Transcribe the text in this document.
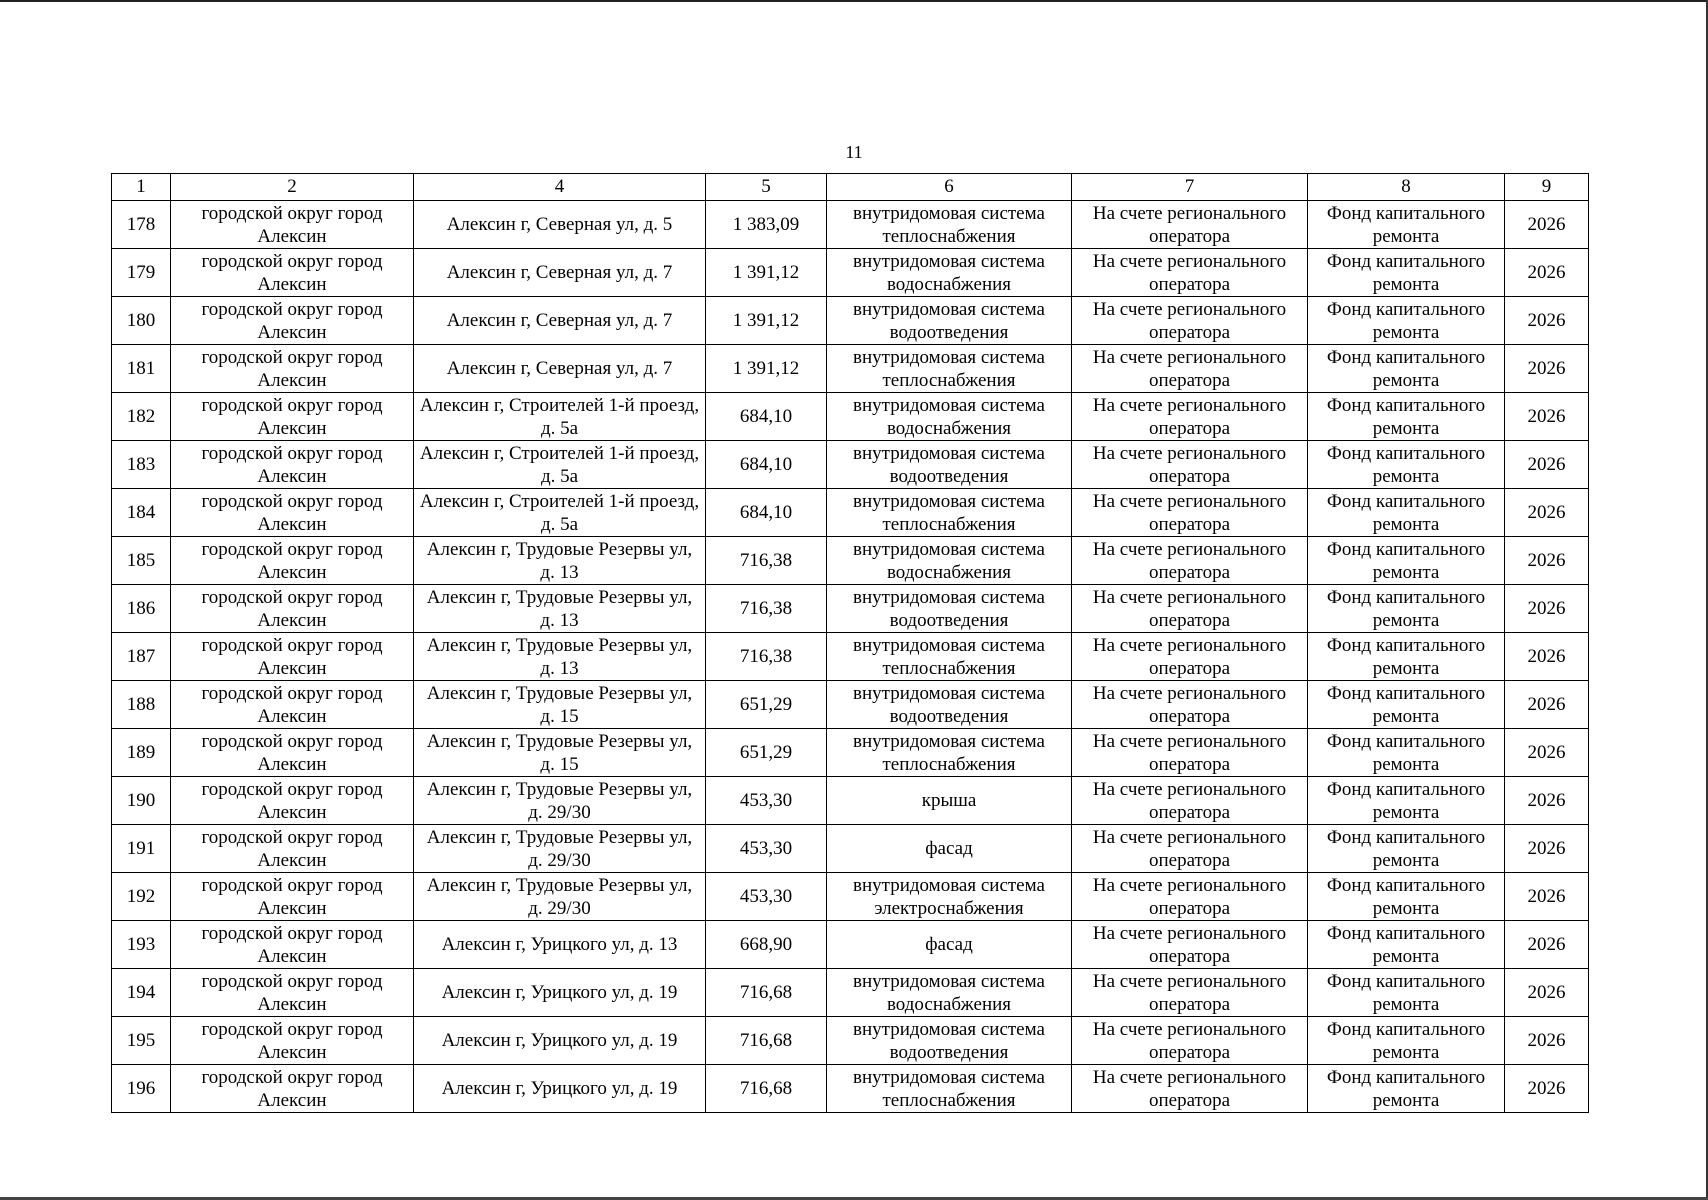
11
1	2	4	5	6	7	8	9
178	городской округ город Алексин	Алексин г, Северная ул, д. 5	1 383,09	внутридомовая система теплоснабжения	На счете регионального оператора	Фонд капитального ремонта	2026
179	городской округ город Алексин	Алексин г, Северная ул, д. 7	1 391,12	внутридомовая система водоснабжения	На счете регионального оператора	Фонд капитального ремонта	2026
180	городской округ город Алексин	Алексин г, Северная ул, д. 7	1 391,12	внутридомовая система водоотведения	На счете регионального оператора	Фонд капитального ремонта	2026
181	городской округ город Алексин	Алексин г, Северная ул, д. 7	1 391,12	внутридомовая система теплоснабжения	На счете регионального оператора	Фонд капитального ремонта	2026
182	городской округ город Алексин	Алексин г, Строителей 1-й проезд, д. 5а	684,10	внутридомовая система водоснабжения	На счете регионального оператора	Фонд капитального ремонта	2026
183	городской округ город Алексин	Алексин г, Строителей 1-й проезд, д. 5а	684,10	внутридомовая система водоотведения	На счете регионального оператора	Фонд капитального ремонта	2026
184	городской округ город Алексин	Алексин г, Строителей 1-й проезд, д. 5а	684,10	внутридомовая система теплоснабжения	На счете регионального оператора	Фонд капитального ремонта	2026
185	городской округ город Алексин	Алексин г, Трудовые Резервы ул, д. 13	716,38	внутридомовая система водоснабжения	На счете регионального оператора	Фонд капитального ремонта	2026
186	городской округ город Алексин	Алексин г, Трудовые Резервы ул, д. 13	716,38	внутридомовая система водоотведения	На счете регионального оператора	Фонд капитального ремонта	2026
187	городской округ город Алексин	Алексин г, Трудовые Резервы ул, д. 13	716,38	внутридомовая система теплоснабжения	На счете регионального оператора	Фонд капитального ремонта	2026
188	городской округ город Алексин	Алексин г, Трудовые Резервы ул, д. 15	651,29	внутридомовая система водоотведения	На счете регионального оператора	Фонд капитального ремонта	2026
189	городской округ город Алексин	Алексин г, Трудовые Резервы ул, д. 15	651,29	внутридомовая система теплоснабжения	На счете регионального оператора	Фонд капитального ремонта	2026
190	городской округ город Алексин	Алексин г, Трудовые Резервы ул, д. 29/30	453,30	крыша	На счете регионального оператора	Фонд капитального ремонта	2026
191	городской округ город Алексин	Алексин г, Трудовые Резервы ул, д. 29/30	453,30	фасад	На счете регионального оператора	Фонд капитального ремонта	2026
192	городской округ город Алексин	Алексин г, Трудовые Резервы ул, д. 29/30	453,30	внутридомовая система электроснабжения	На счете регионального оператора	Фонд капитального ремонта	2026
193	городской округ город Алексин	Алексин г, Урицкого ул, д. 13	668,90	фасад	На счете регионального оператора	Фонд капитального ремонта	2026
194	городской округ город Алексин	Алексин г, Урицкого ул, д. 19	716,68	внутридомовая система водоснабжения	На счете регионального оператора	Фонд капитального ремонта	2026
195	городской округ город Алексин	Алексин г, Урицкого ул, д. 19	716,68	внутридомовая система водоотведения	На счете регионального оператора	Фонд капитального ремонта	2026
196	городской округ город Алексин	Алексин г, Урицкого ул, д. 19	716,68	внутридомовая система теплоснабжения	На счете регионального оператора	Фонд капитального ремонта	2026
